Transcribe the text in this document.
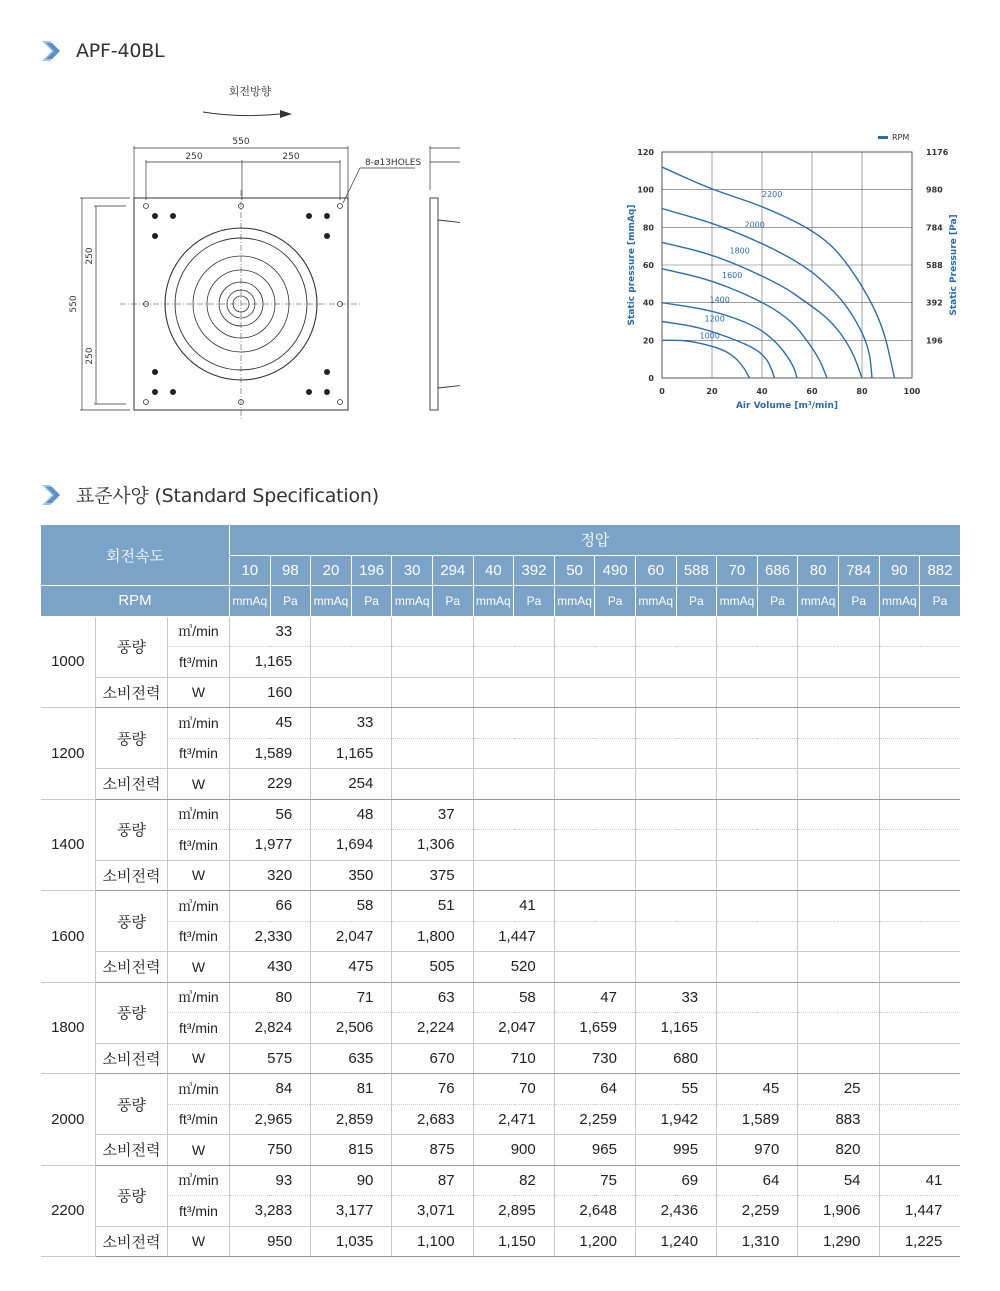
APF-40BL
회전방향
550
250	250
8-ø13HOLES
550
250
250
0	20	40	60	80	100
0
20
40
60
80
100
120
196
392
588
784
980
1176
1000
1200
1400
1600
1800
2000
2200
RPM
Air Volume [m³/min]
Static pressure [mmAq]	Static Pressure [Pa]
표준사양 (Standard Specification)
회전속도			정압																	
			10	98	20	196	30	294	40	392	50	490	60	588	70	686	80	784	90	882
RPM			mmAq	Pa	mmAq	Pa	mmAq	Pa	mmAq	Pa	mmAq	Pa	mmAq	Pa	mmAq	Pa	mmAq	Pa	mmAq	Pa
1000	풍량	㎥/min	33																	
		ft³/min	1,165																	
	소비전력	W	160																	
1200	풍량	㎥/min	45		33															
		ft³/min	1,589		1,165															
	소비전력	W	229		254															
1400	풍량	㎥/min	56		48		37													
		ft³/min	1,977		1,694		1,306													
	소비전력	W	320		350		375													
1600	풍량	㎥/min	66		58		51		41											
		ft³/min	2,330		2,047		1,800		1,447											
	소비전력	W	430		475		505		520											
1800	풍량	㎥/min	80		71		63		58		47		33							
		ft³/min	2,824		2,506		2,224		2,047		1,659		1,165							
	소비전력	W	575		635		670		710		730		680							
2000	풍량	㎥/min	84		81		76		70		64		55		45		25			
		ft³/min	2,965		2,859		2,683		2,471		2,259		1,942		1,589		883			
	소비전력	W	750		815		875		900		965		995		970		820			
2200	풍량	㎥/min	93		90		87		82		75		69		64		54		41	
		ft³/min	3,283		3,177		3,071		2,895		2,648		2,436		2,259		1,906		1,447	
	소비전력	W	950		1,035		1,100		1,150		1,200		1,240		1,310		1,290		1,225	
